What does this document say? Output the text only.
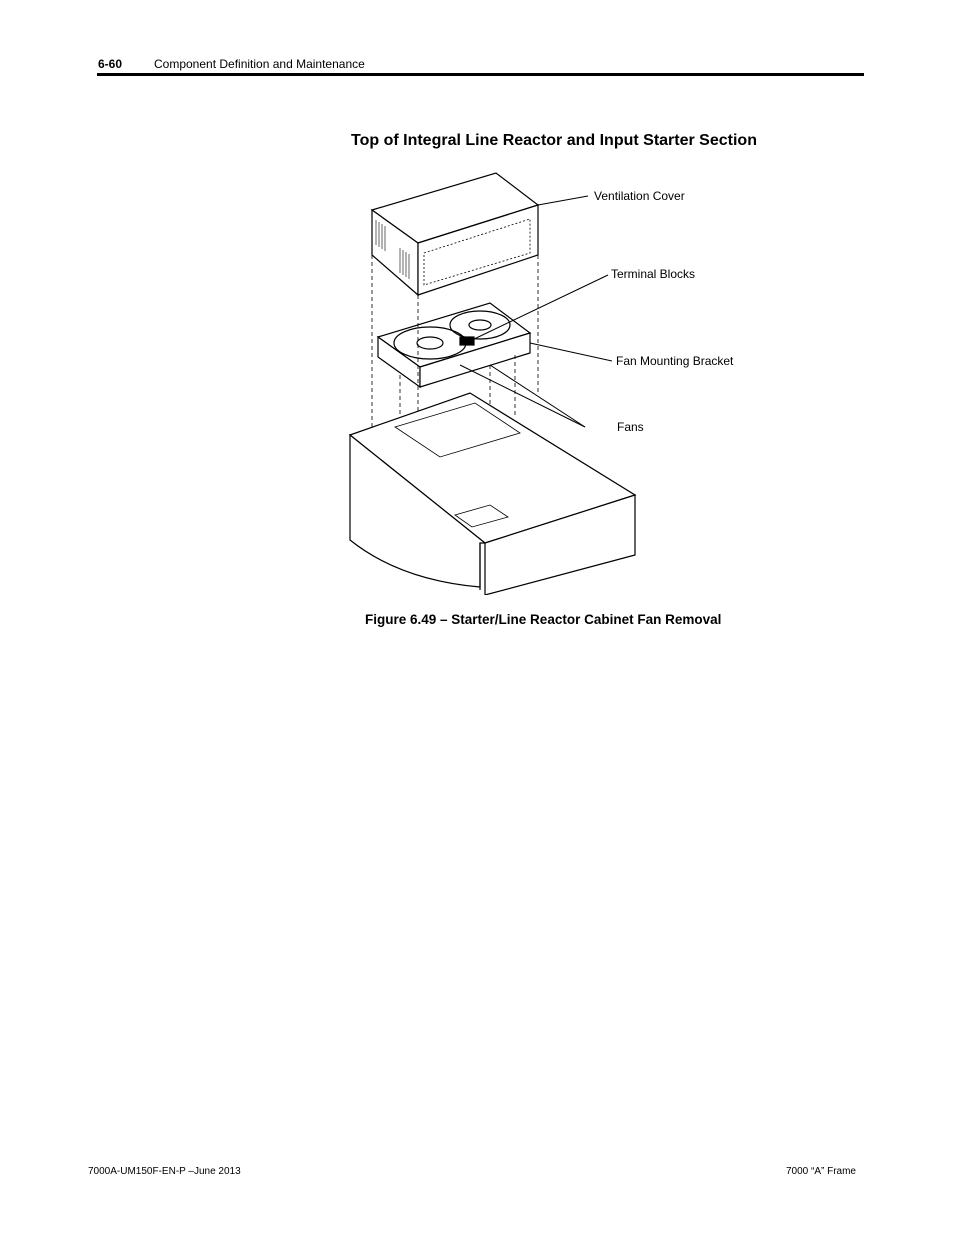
6-60	Component Definition and Maintenance
Top of Integral Line Reactor and Input Starter Section
Ventilation Cover
Terminal Blocks
Fan Mounting Bracket
Fans
Figure 6.49 – Starter/Line Reactor Cabinet Fan Removal
7000A-UM150F-EN-P –June 2013	7000 “A” Frame
